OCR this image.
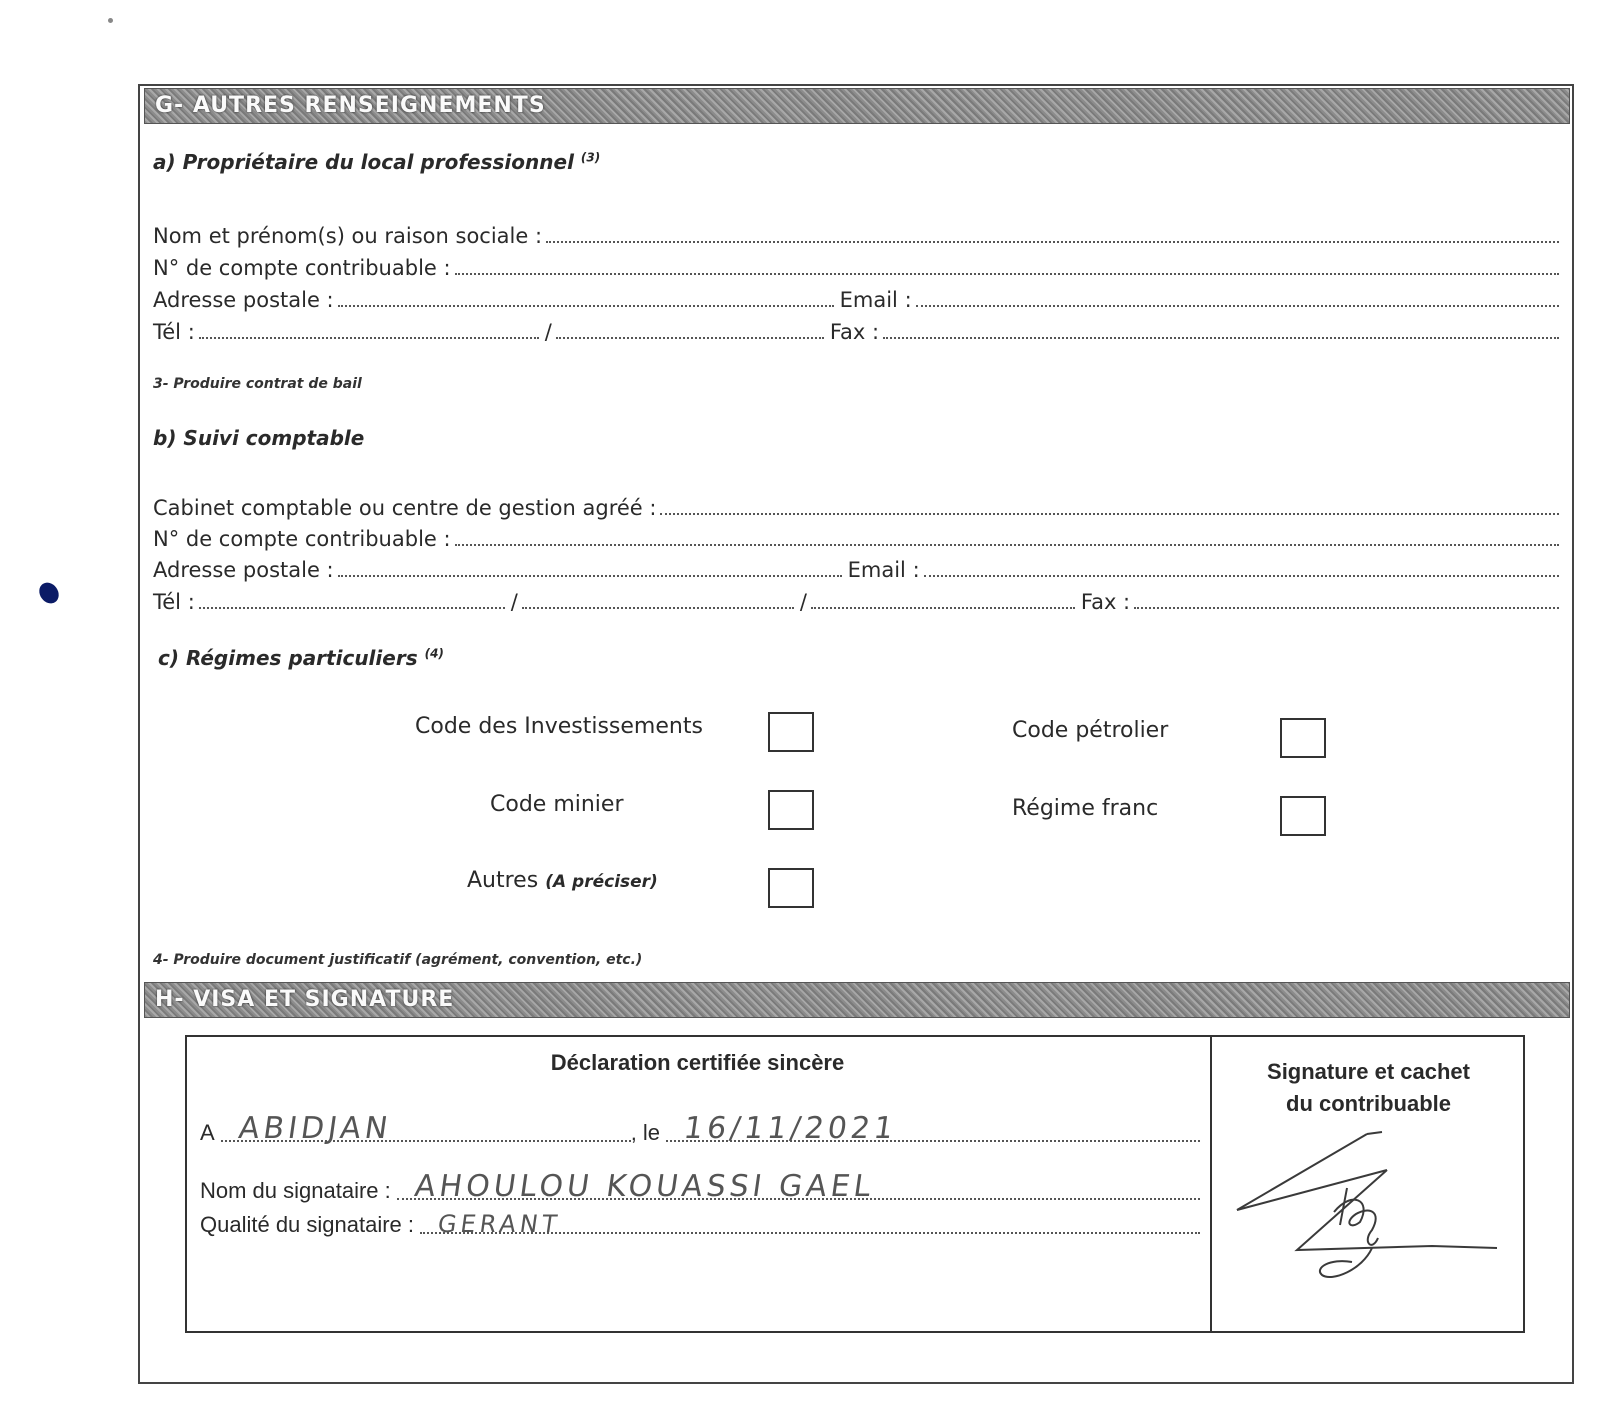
G- AUTRES RENSEIGNEMENTS
a) Propriétaire du local professionnel $^{(3)}$
Nom et prénom(s) ou raison sociale :
N° de compte contribuable :
Adresse postale :	Email :
Tél :	/	Fax :
3- Produire contrat de bail
b) Suivi comptable
Cabinet comptable ou centre de gestion agréé :
N° de compte contribuable :
Adresse postale :	Email :
Tél :	/	/	Fax :
c) Régimes particuliers $^{(4)}$
Code des Investissements	Code pétrolier
Code minier	Régime franc
Autres (A préciser)
4- Produire document justificatif (agrément, convention, etc.)
H- VISA ET SIGNATURE
Déclaration certifiée sincère
A ABIDJAN	, le 16/11/2021
Nom du signataire : AHOULOU KOUASSI GAEL
Qualité du signataire : GERANT
Signature et cachet
du contribuable
